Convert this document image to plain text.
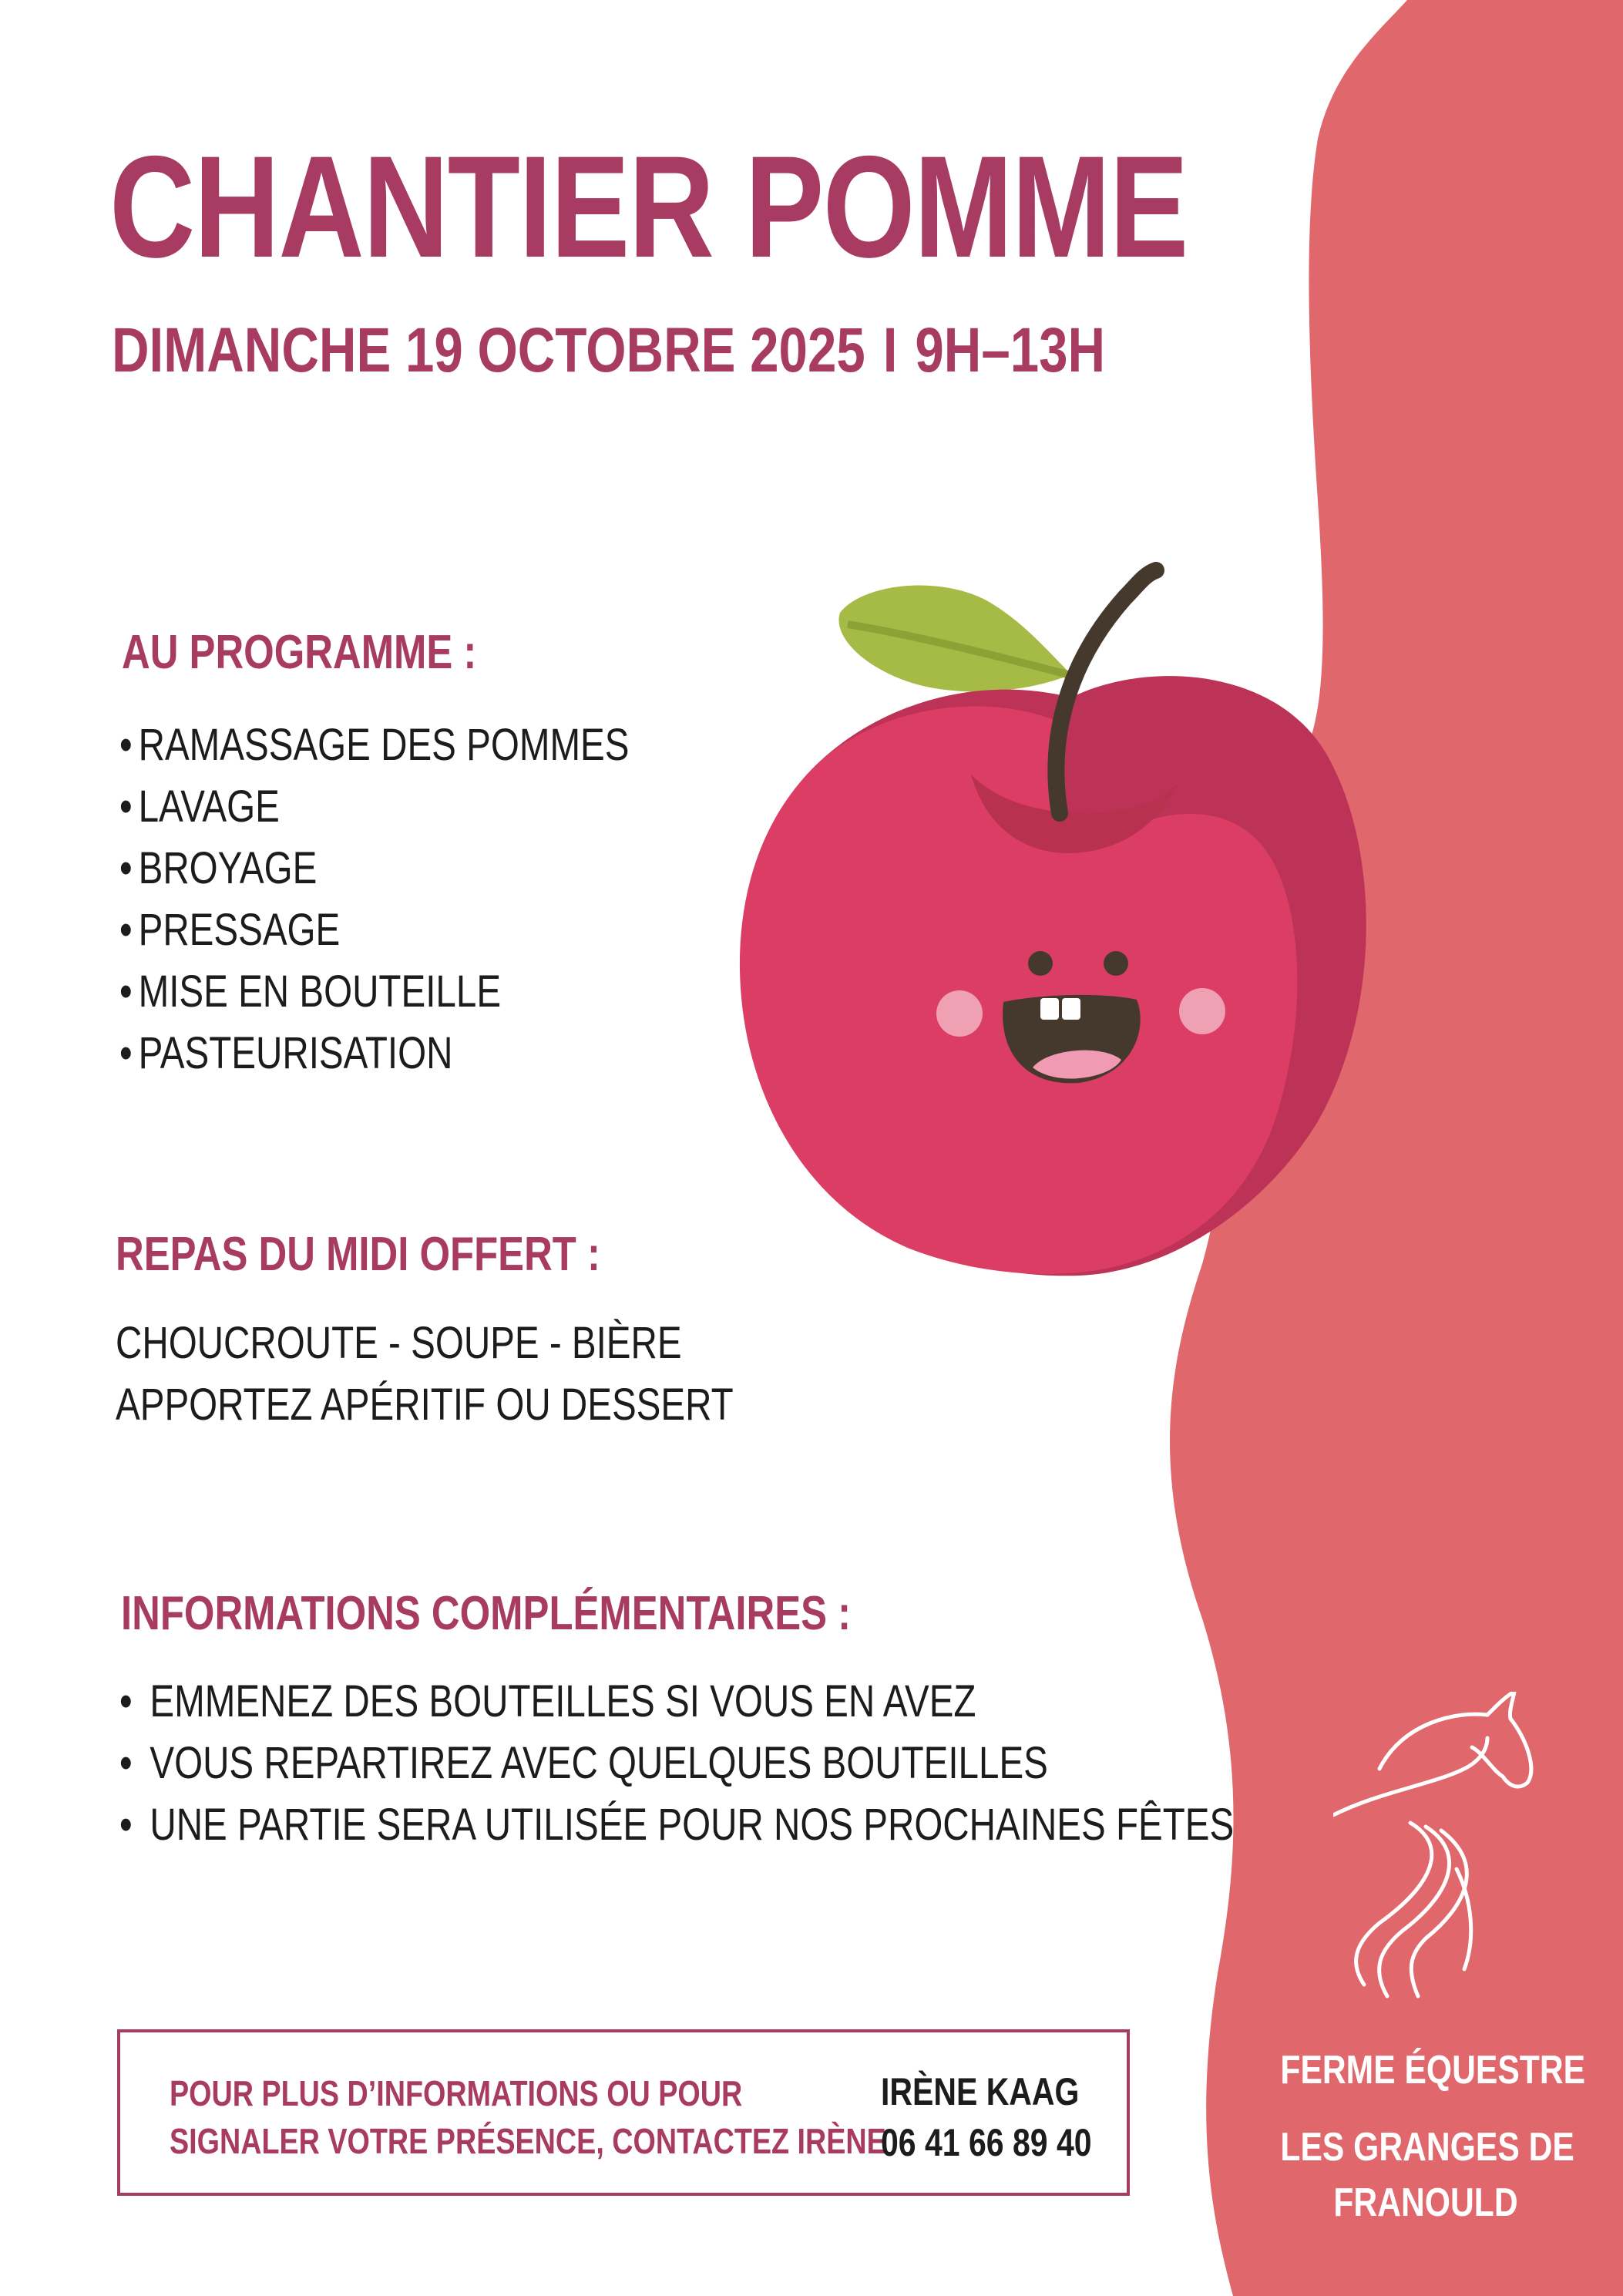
CHANTIER POMME
DIMANCHE 19 OCTOBRE 2025 I 9H–13H
AU PROGRAMME :
• RAMASSAGE DES POMMES
• LAVAGE
• BROYAGE
• PRESSAGE
• MISE EN BOUTEILLE
• PASTEURISATION
REPAS DU MIDI OFFERT :
CHOUCROUTE - SOUPE - BIÈRE
APPORTEZ APÉRITIF OU DESSERT
INFORMATIONS COMPLÉMENTAIRES :
• EMMENEZ DES BOUTEILLES SI VOUS EN AVEZ
• VOUS REPARTIREZ AVEC QUELQUES BOUTEILLES
• UNE PARTIE SERA UTILISÉE POUR NOS PROCHAINES FÊTES
POUR PLUS D’INFORMATIONS OU POUR
SIGNALER VOTRE PRÉSENCE, CONTACTEZ IRÈNE
IRÈNE KAAG
06 41 66 89 40
FERME ÉQUESTRE
LES GRANGES DE
FRANOULD
